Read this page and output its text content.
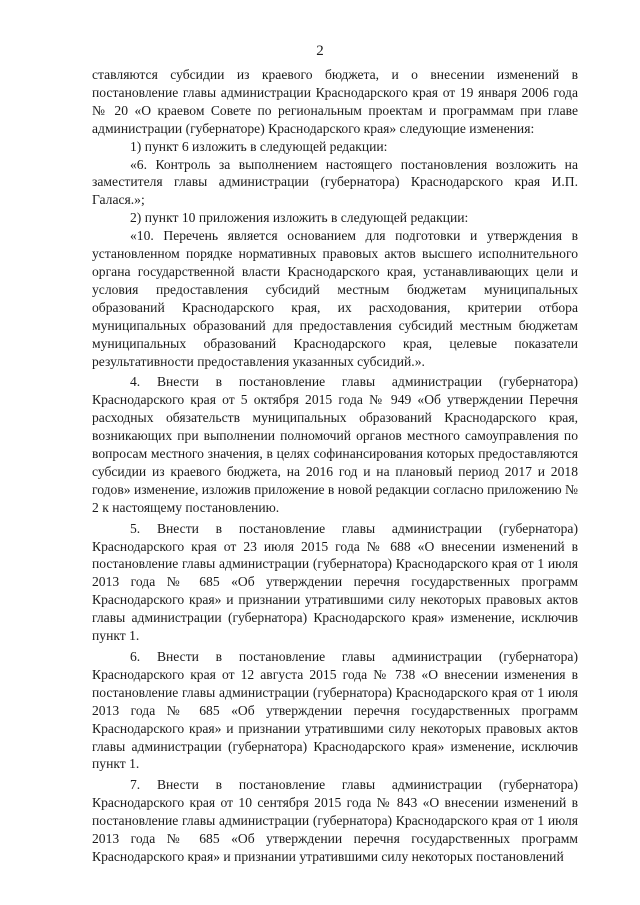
2

ставляются субсидии из краевого бюджета, и о внесении изменений в постановление главы администрации Краснодарского края от 19 января 2006 года № 20 «О краевом Совете по региональным проектам и программам при главе администрации (губернаторе) Краснодарского края» следующие изменения:

1) пункт 6 изложить в следующей редакции:

«6. Контроль за выполнением настоящего постановления возложить на заместителя главы администрации (губернатора) Краснодарского края И.П. Галася.»;

2) пункт 10 приложения изложить в следующей редакции:

«10. Перечень является основанием для подготовки и утверждения в установленном порядке нормативных правовых актов высшего исполнительного органа государственной власти Краснодарского края, устанавливающих цели и условия предоставления субсидий местным бюджетам муниципальных образований Краснодарского края, их расходования, критерии отбора муниципальных образований для предоставления субсидий местным бюджетам муниципальных образований Краснодарского края, целевые показатели результативности предоставления указанных субсидий.».

4. Внести в постановление главы администрации (губернатора) Краснодарского края от 5 октября 2015 года № 949 «Об утверждении Перечня расходных обязательств муниципальных образований Краснодарского края, возникающих при выполнении полномочий органов местного самоуправления по вопросам местного значения, в целях софинансирования которых предоставляются субсидии из краевого бюджета, на 2016 год и на плановый период 2017 и 2018 годов» изменение, изложив приложение в новой редакции согласно приложению № 2 к настоящему постановлению.

5. Внести в постановление главы администрации (губернатора) Краснодарского края от 23 июля 2015 года № 688 «О внесении изменений в постановление главы администрации (губернатора) Краснодарского края от 1 июля 2013 года № 685 «Об утверждении перечня государственных программ Краснодарского края» и признании утратившими силу некоторых правовых актов главы администрации (губернатора) Краснодарского края» изменение, исключив пункт 1.

6. Внести в постановление главы администрации (губернатора) Краснодарского края от 12 августа 2015 года № 738 «О внесении изменения в постановление главы администрации (губернатора) Краснодарского края от 1 июля 2013 года № 685 «Об утверждении перечня государственных программ Краснодарского края» и признании утратившими силу некоторых правовых актов главы администрации (губернатора) Краснодарского края» изменение, исключив пункт 1.

7. Внести в постановление главы администрации (губернатора) Краснодарского края от 10 сентября 2015 года № 843 «О внесении изменений в постановление главы администрации (губернатора) Краснодарского края от 1 июля 2013 года № 685 «Об утверждении перечня государственных программ Краснодарского края» и признании утратившими силу некоторых постановлений
